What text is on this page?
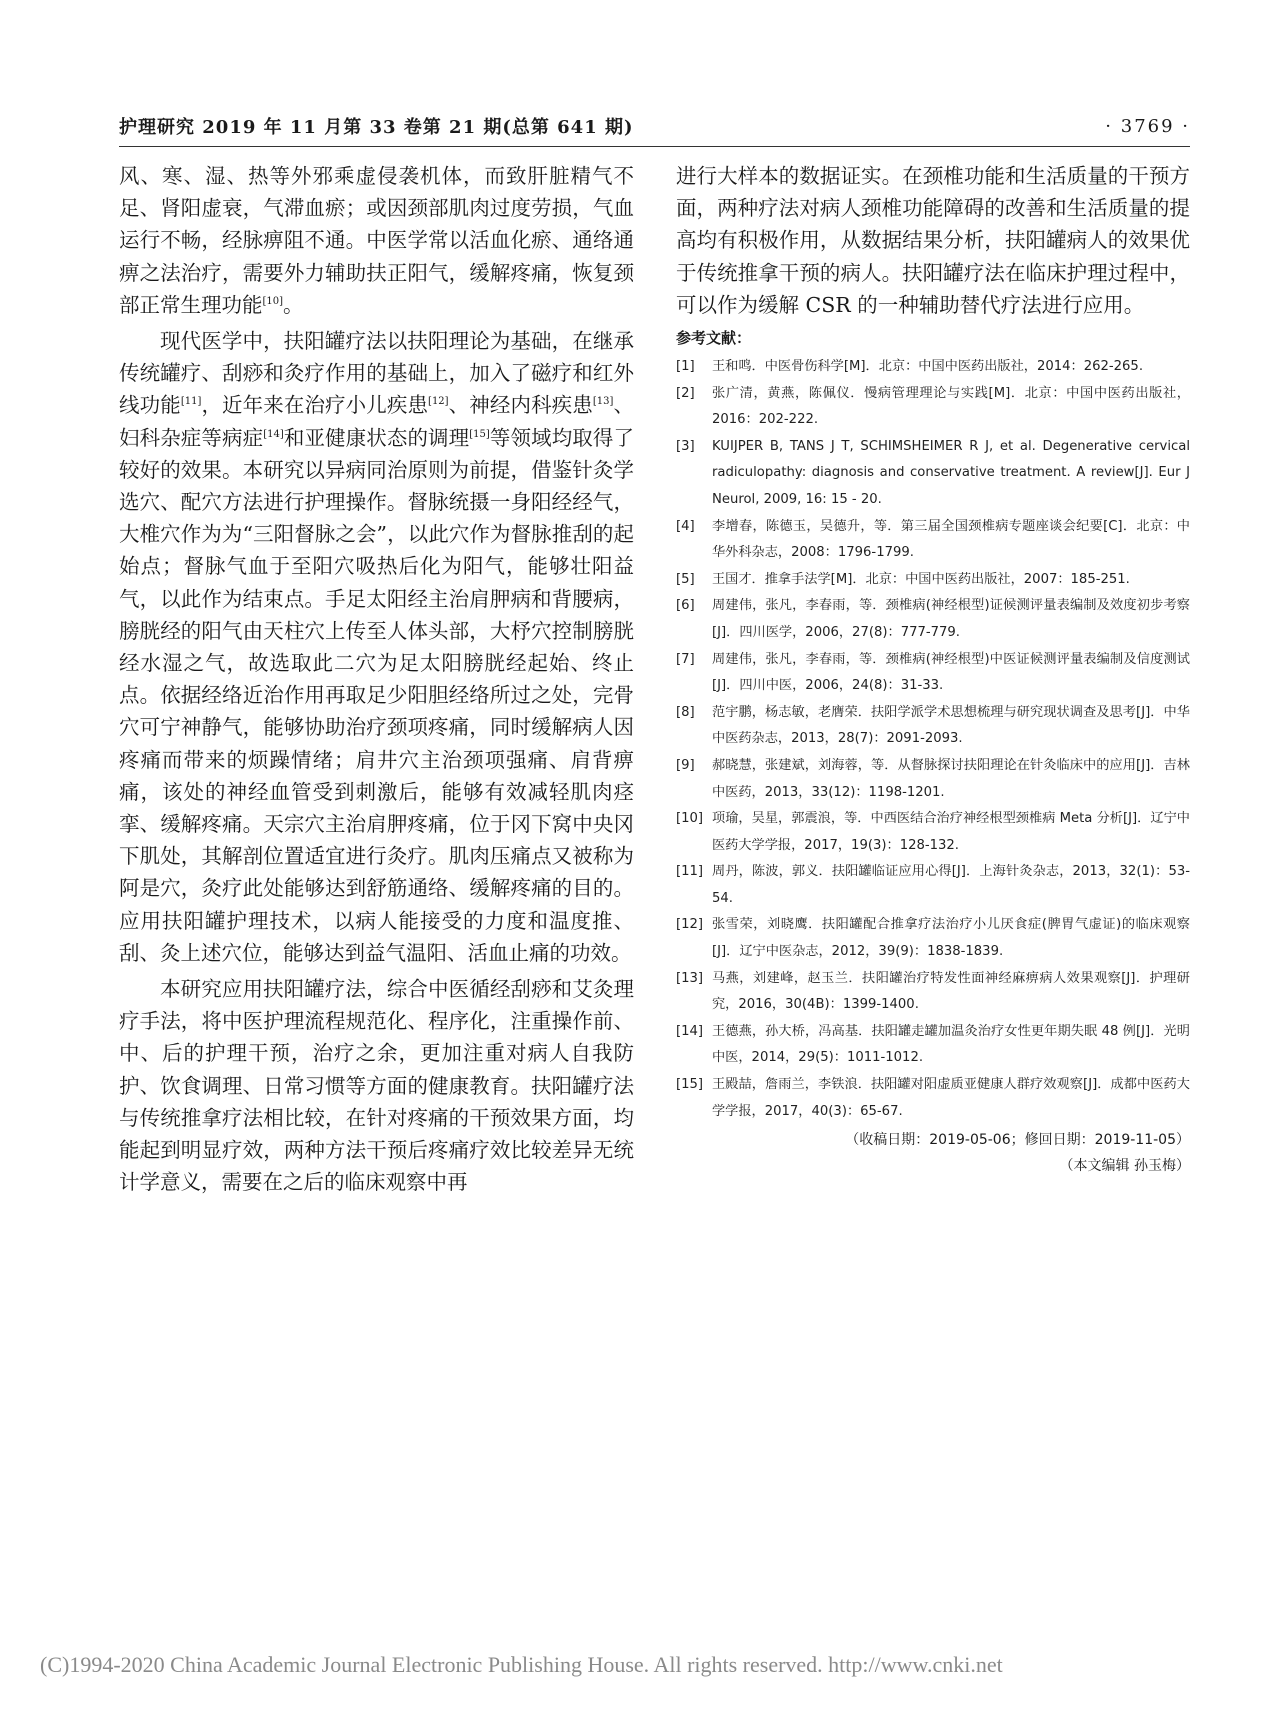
护理研究 2019 年 11 月第 33 卷第 21 期(总第 641 期)	· 3769 ·

风、寒、湿、热等外邪乘虚侵袭机体，而致肝脏精气不足、肾阳虚衰，气滞血瘀；或因颈部肌肉过度劳损，气血运行不畅，经脉痹阻不通。中医学常以活血化瘀、通络通痹之法治疗，需要外力辅助扶正阳气，缓解疼痛，恢复颈部正常生理功能[10]。

现代医学中，扶阳罐疗法以扶阳理论为基础，在继承传统罐疗、刮痧和灸疗作用的基础上，加入了磁疗和红外线功能[11]，近年来在治疗小儿疾患[12]、神经内科疾患[13]、妇科杂症等病症[14]和亚健康状态的调理[15]等领域均取得了较好的效果。本研究以异病同治原则为前提，借鉴针灸学选穴、配穴方法进行护理操作。督脉统摄一身阳经经气，大椎穴作为为“三阳督脉之会”，以此穴作为督脉推刮的起始点；督脉气血于至阳穴吸热后化为阳气，能够壮阳益气，以此作为结束点。手足太阳经主治肩胛病和背腰病，膀胱经的阳气由天柱穴上传至人体头部，大杼穴控制膀胱经水湿之气，故选取此二穴为足太阳膀胱经起始、终止点。依据经络近治作用再取足少阳胆经络所过之处，完骨穴可宁神静气，能够协助治疗颈项疼痛，同时缓解病人因疼痛而带来的烦躁情绪；肩井穴主治颈项强痛、肩背痹痛，该处的神经血管受到刺激后，能够有效减轻肌肉痉挛、缓解疼痛。天宗穴主治肩胛疼痛，位于冈下窝中央冈下肌处，其解剖位置适宜进行灸疗。肌肉压痛点又被称为阿是穴，灸疗此处能够达到舒筋通络、缓解疼痛的目的。应用扶阳罐护理技术，以病人能接受的力度和温度推、刮、灸上述穴位，能够达到益气温阳、活血止痛的功效。

本研究应用扶阳罐疗法，综合中医循经刮痧和艾灸理疗手法，将中医护理流程规范化、程序化，注重操作前、中、后的护理干预，治疗之余，更加注重对病人自我防护、饮食调理、日常习惯等方面的健康教育。扶阳罐疗法与传统推拿疗法相比较，在针对疼痛的干预效果方面，均能起到明显疗效，两种方法干预后疼痛疗效比较差异无统计学意义，需要在之后的临床观察中再

进行大样本的数据证实。在颈椎功能和生活质量的干预方面，两种疗法对病人颈椎功能障碍的改善和生活质量的提高均有积极作用，从数据结果分析，扶阳罐病人的效果优于传统推拿干预的病人。扶阳罐疗法在临床护理过程中，可以作为缓解 CSR 的一种辅助替代疗法进行应用。

参考文献：
[1]	王和鸣．中医骨伤科学[M]．北京：中国中医药出版社，2014：262-265.
[2]	张广清，黄燕，陈佩仪．慢病管理理论与实践[M]．北京：中国中医药出版社，2016：202-222.
[3]	KUIJPER B, TANS J T, SCHIMSHEIMER R J, et al. Degenerative cervical radiculopathy: diagnosis and conservative treatment. A review[J]. Eur J Neurol, 2009, 16: 15 - 20.
[4]	李增春，陈德玉，吴德升，等．第三届全国颈椎病专题座谈会纪要[C]．北京：中华外科杂志，2008：1796-1799.
[5]	王国才．推拿手法学[M]．北京：中国中医药出版社，2007：185-251.
[6]	周建伟，张凡，李春雨，等．颈椎病(神经根型)证候测评量表编制及效度初步考察[J]．四川医学，2006，27(8)：777-779.
[7]	周建伟，张凡，李春雨，等．颈椎病(神经根型)中医证候测评量表编制及信度测试[J]．四川中医，2006，24(8)：31-33.
[8]	范宇鹏，杨志敏，老膺荣．扶阳学派学术思想梳理与研究现状调查及思考[J]．中华中医药杂志，2013，28(7)：2091-2093.
[9]	郝晓慧，张建斌，刘海蓉，等．从督脉探讨扶阳理论在针灸临床中的应用[J]．吉林中医药，2013，33(12)：1198-1201.
[10] 项瑜，吴星，郭震浪，等．中西医结合治疗神经根型颈椎病 Meta 分析[J]．辽宁中医药大学学报，2017，19(3)：128-132.
[11] 周丹，陈波，郭义．扶阳罐临证应用心得[J]．上海针灸杂志，2013，32(1)：53-54.
[12] 张雪荣，刘晓鹰．扶阳罐配合推拿疗法治疗小儿厌食症(脾胃气虚证)的临床观察[J]．辽宁中医杂志，2012，39(9)：1838-1839.
[13] 马燕，刘建峰，赵玉兰．扶阳罐治疗特发性面神经麻痹病人效果观察[J]．护理研究，2016，30(4B)：1399-1400.
[14] 王德燕，孙大桥，冯高基．扶阳罐走罐加温灸治疗女性更年期失眠 48 例[J]．光明中医，2014，29(5)：1011-1012.
[15] 王殿喆，詹雨兰，李铁浪．扶阳罐对阳虚质亚健康人群疗效观察[J]．成都中医药大学学报，2017，40(3)：65-67.
（收稿日期：2019-05-06；修回日期：2019-11-05）
（本文编辑 孙玉梅）
(C)1994-2020 China Academic Journal Electronic Publishing House. All rights reserved. http://www.cnki.net
